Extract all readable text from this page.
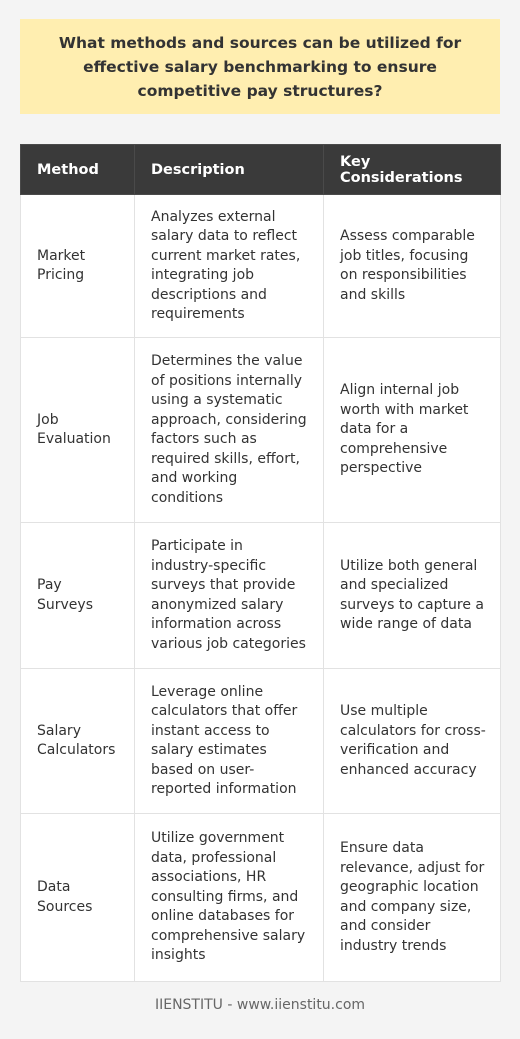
What methods and sources can be utilized for effective salary benchmarking to ensure competitive pay structures?
Method	Description	Key Considerations
Market Pricing	Analyzes external salary data to reflect current market rates, integrating job descriptions and requirements	Assess comparable job titles, focusing on responsibilities and skills
Job Evaluation	Determines the value of positions internally using a systematic approach, considering factors such as required skills, effort, and working conditions	Align internal job worth with market data for a comprehensive perspective
Pay Surveys	Participate in industry-specific surveys that provide anonymized salary information across various job categories	Utilize both general and specialized surveys to capture a wide range of data
Salary Calculators	Leverage online calculators that offer instant access to salary estimates based on user-reported information	Use multiple calculators for cross-verification and enhanced accuracy
Data Sources	Utilize government data, professional associations, HR consulting firms, and online databases for comprehensive salary insights	Ensure data relevance, adjust for geographic location and company size, and consider industry trends
IIENSTITU - www.iienstitu.com
